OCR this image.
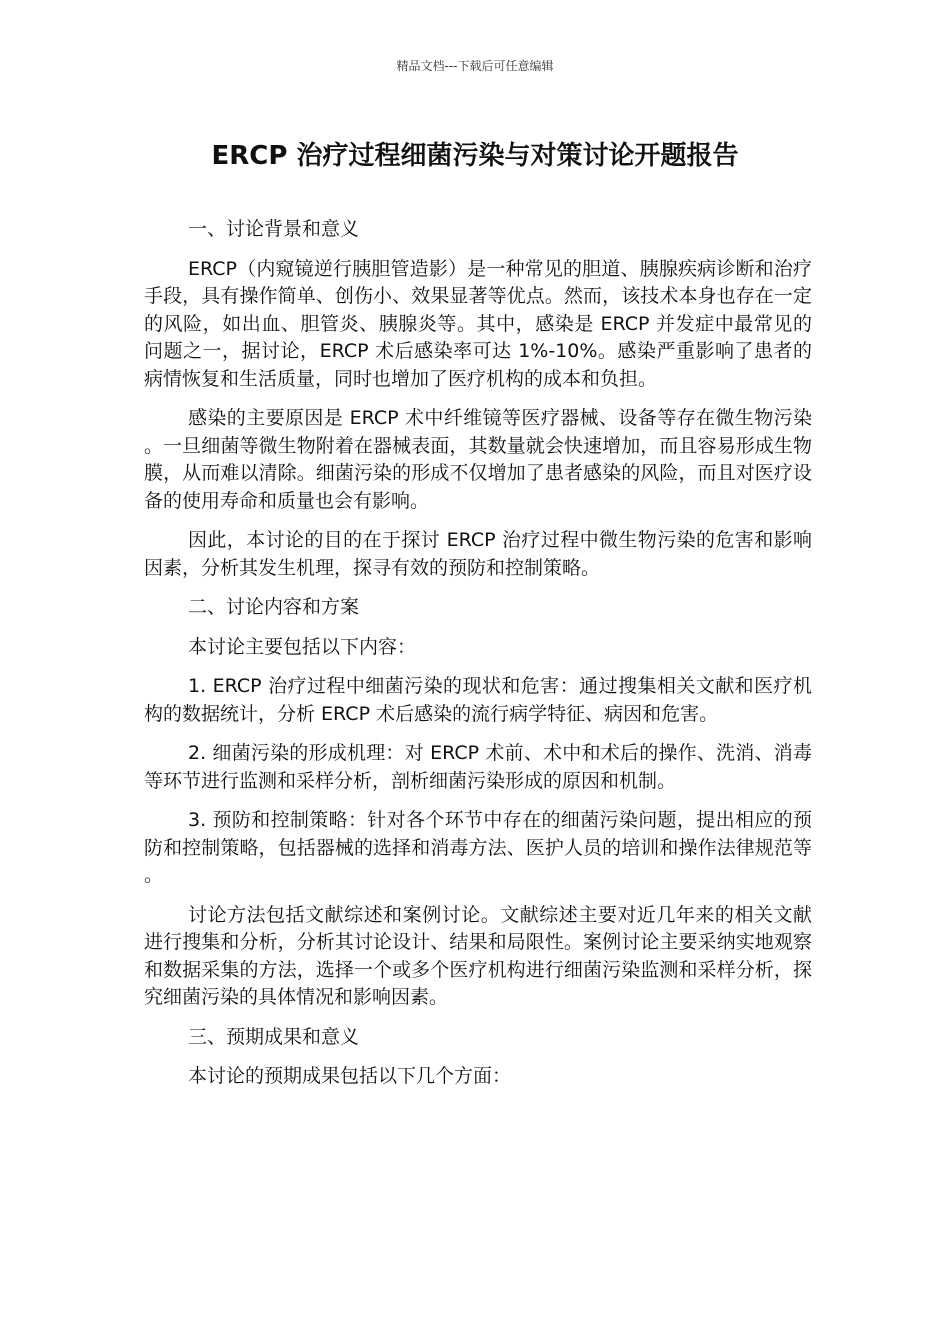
精品文档---下载后可任意编辑
ERCP 治疗过程细菌污染与对策讨论开题报告

一、讨论背景和意义

ERCP（内窥镜逆行胰胆管造影）是一种常见的胆道、胰腺疾病诊断和治疗手段，具有操作简单、创伤小、效果显著等优点。然而，该技术本身也存在一定的风险，如出血、胆管炎、胰腺炎等。其中，感染是 ERCP 并发症中最常见的问题之一，据讨论，ERCP 术后感染率可达 1%-10%。感染严重影响了患者的病情恢复和生活质量，同时也增加了医疗机构的成本和负担。

感染的主要原因是 ERCP 术中纤维镜等医疗器械、设备等存在微生物污染。一旦细菌等微生物附着在器械表面，其数量就会快速增加，而且容易形成生物膜，从而难以清除。细菌污染的形成不仅增加了患者感染的风险，而且对医疗设备的使用寿命和质量也会有影响。

因此，本讨论的目的在于探讨 ERCP 治疗过程中微生物污染的危害和影响因素，分析其发生机理，探寻有效的预防和控制策略。

二、讨论内容和方案

本讨论主要包括以下内容：

1. ERCP 治疗过程中细菌污染的现状和危害：通过搜集相关文献和医疗机构的数据统计，分析 ERCP 术后感染的流行病学特征、病因和危害。

2. 细菌污染的形成机理：对 ERCP 术前、术中和术后的操作、洗消、消毒等环节进行监测和采样分析，剖析细菌污染形成的原因和机制。

3. 预防和控制策略：针对各个环节中存在的细菌污染问题，提出相应的预防和控制策略，包括器械的选择和消毒方法、医护人员的培训和操作法律规范等。

讨论方法包括文献综述和案例讨论。文献综述主要对近几年来的相关文献进行搜集和分析，分析其讨论设计、结果和局限性。案例讨论主要采纳实地观察和数据采集的方法，选择一个或多个医疗机构进行细菌污染监测和采样分析，探究细菌污染的具体情况和影响因素。

三、预期成果和意义

本讨论的预期成果包括以下几个方面：
